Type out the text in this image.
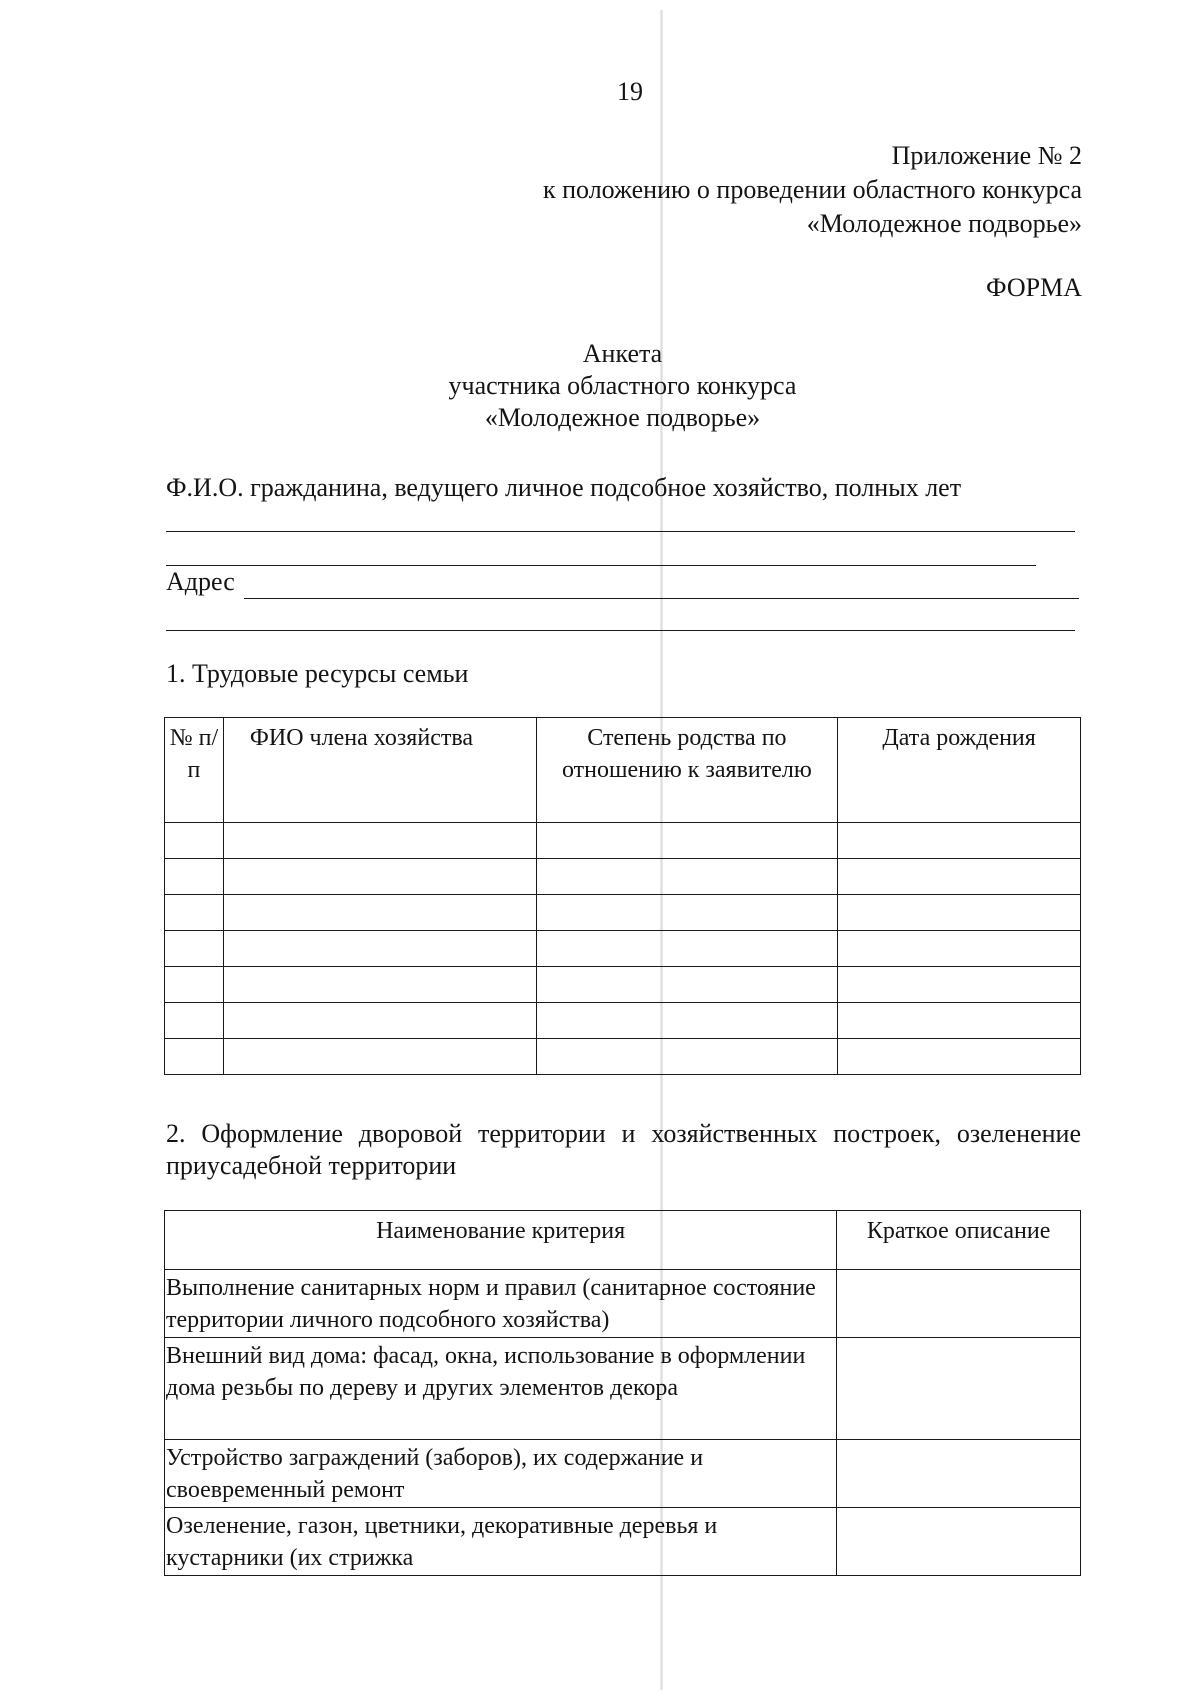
19
Приложение № 2
к положению о проведении областного конкурса
«Молодежное подворье»
ФОРМА
Анкета
участника областного конкурса
«Молодежное подворье»
Ф.И.О. гражданина, ведущего личное подсобное хозяйство, полных лет
Адрес
1. Трудовые ресурсы семьи
№ п/п	ФИО члена хозяйства	Степень родства по отношению к заявителю	Дата рождения

2. Оформление дворовой территории и хозяйственных построек, озеленение приусадебной территории
Наименование критерия	Краткое описание
Выполнение санитарных норм и правил (санитарное состояние территории личного подсобного хозяйства)	
Внешний вид дома: фасад, окна, использование в оформлении дома резьбы по дереву и других элементов декора	
Устройство заграждений (заборов), их содержание и своевременный ремонт	
Озеленение, газон, цветники, декоративные деревья и кустарники (их стрижка	
